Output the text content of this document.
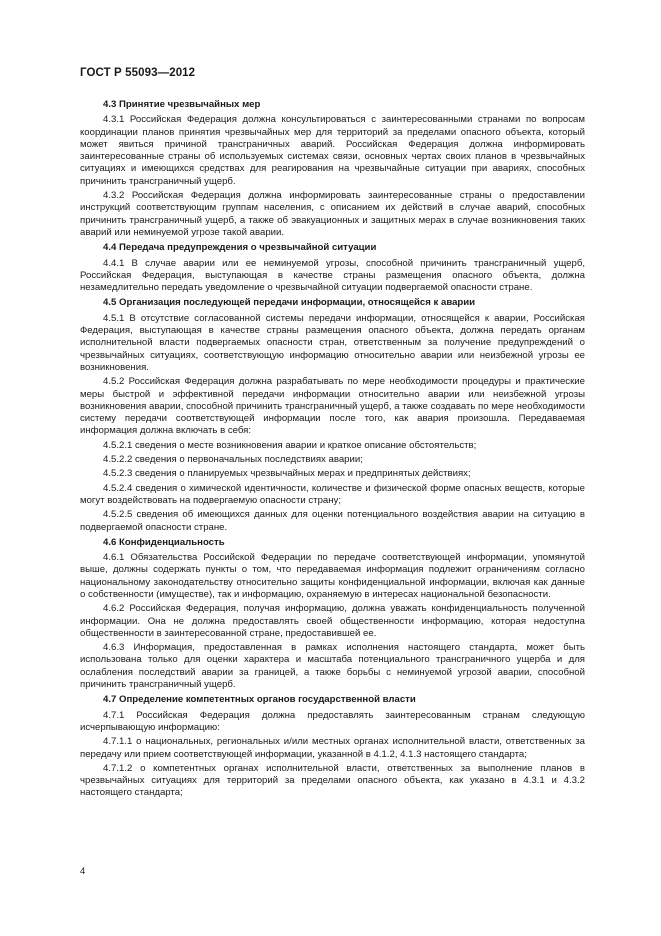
ГОСТ Р 55093—2012
4.3 Принятие чрезвычайных мер
4.3.1 Российская Федерация должна консультироваться с заинтересованными странами по вопросам координации планов принятия чрезвычайных мер для территорий за пределами опасного объекта, который может явиться причиной трансграничных аварий. Российская Федерация должна информировать заинтересованные страны об используемых системах связи, основных чертах своих планов в чрезвычайных ситуациях и имеющихся средствах для реагирования на чрезвычайные ситуации при авариях, способных причинить трансграничный ущерб.
4.3.2 Российская Федерация должна информировать заинтересованные страны о предоставлении инструкций соответствующим группам населения, с описанием их действий в случае аварий, способных причинить трансграничный ущерб, а также об эвакуационных и защитных мерах в случае возникновения таких аварий или неминуемой угрозе такой аварии.
4.4 Передача предупреждения о чрезвычайной ситуации
4.4.1 В случае аварии или ее неминуемой угрозы, способной причинить трансграничный ущерб, Российская Федерация, выступающая в качестве страны размещения опасного объекта, должна незамедлительно передать уведомление о чрезвычайной ситуации подвергаемой опасности стране.
4.5 Организация последующей передачи информации, относящейся к аварии
4.5.1 В отсутствие согласованной системы передачи информации, относящейся к аварии, Российская Федерация, выступающая в качестве страны размещения опасного объекта, должна передать органам исполнительной власти подвергаемых опасности стран, ответственным за получение предупреждений о чрезвычайных ситуациях, соответствующую информацию относительно аварии или неизбежной угрозы ее возникновения.
4.5.2 Российская Федерация должна разрабатывать по мере необходимости процедуры и практические меры быстрой и эффективной передачи информации относительно аварии или неизбежной угрозы возникновения аварии, способной причинить трансграничный ущерб, а также создавать по мере необходимости систему передачи соответствующей информации после того, как авария произошла. Передаваемая информация должна включать в себя:
4.5.2.1 сведения о месте возникновения аварии и краткое описание обстоятельств;
4.5.2.2 сведения о первоначальных последствиях аварии;
4.5.2.3 сведения о планируемых чрезвычайных мерах и предпринятых действиях;
4.5.2.4 сведения о химической идентичности, количестве и физической форме опасных веществ, которые могут воздействовать на подвергаемую опасности страну;
4.5.2.5 сведения об имеющихся данных для оценки потенциального воздействия аварии на ситуацию в подвергаемой опасности стране.
4.6 Конфиденциальность
4.6.1 Обязательства Российской Федерации по передаче соответствующей информации, упомянутой выше, должны содержать пункты о том, что передаваемая информация подлежит ограничениям согласно национальному законодательству относительно защиты конфиденциальной информации, включая как данные о собственности (имуществе), так и информацию, охраняемую в интересах национальной безопасности.
4.6.2 Российская Федерация, получая информацию, должна уважать конфиденциальность полученной информации. Она не должна предоставлять своей общественности информацию, которая недоступна общественности в заинтересованной стране, предоставившей ее.
4.6.3 Информация, предоставленная в рамках исполнения настоящего стандарта, может быть использована только для оценки характера и масштаба потенциального трансграничного ущерба и для ослабления последствий аварии за границей, а также борьбы с неминуемой угрозой аварии, способной причинить трансграничный ущерб.
4.7 Определение компетентных органов государственной власти
4.7.1 Российская Федерация должна предоставлять заинтересованным странам следующую исчерпывающую информацию:
4.7.1.1 о национальных, региональных и/или местных органах исполнительной власти, ответственных за передачу или прием соответствующей информации, указанной в 4.1.2, 4.1.3 настоящего стандарта;
4.7.1.2 о компетентных органах исполнительной власти, ответственных за выполнение планов в чрезвычайных ситуациях для территорий за пределами опасного объекта, как указано в 4.3.1 и 4.3.2 настоящего стандарта;
4
